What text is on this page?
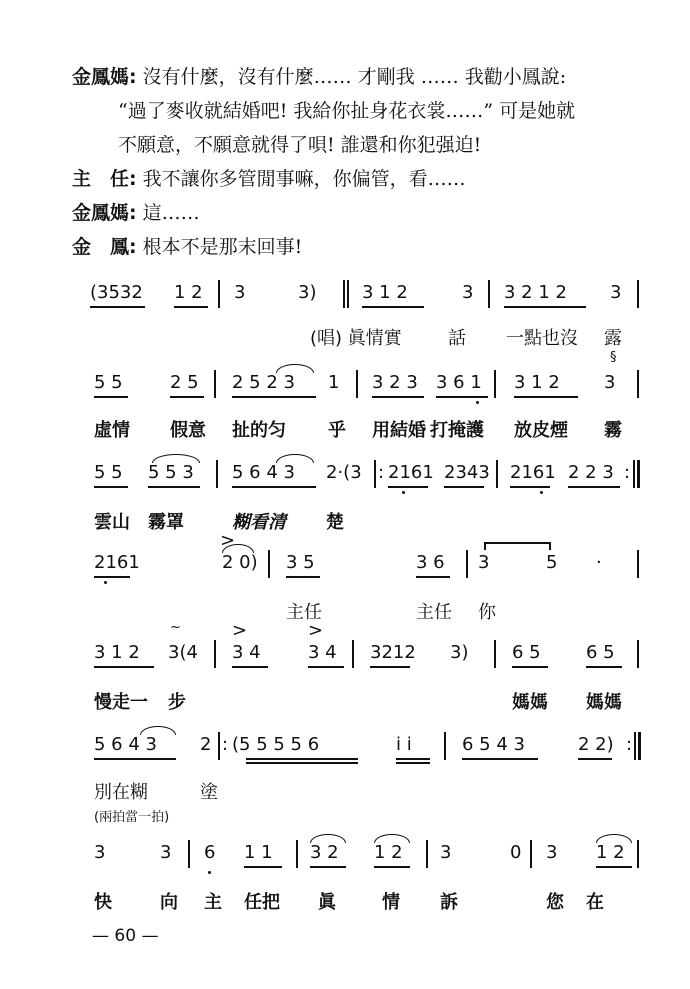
金鳳媽: 沒有什麼，沒有什麼…… 才剛我 …… 我勸小鳳說:
“過了麥收就結婚吧! 我給你扯身花衣裳……” 可是她就
不願意，不願意就得了唄! 誰還和你犯强迫!
主　任: 我不讓你多管閒事嘛，你偏管，看……
金鳳媽: 這……
金　鳳: 根本不是那末回事!
(3532 1 2 3	3)	3 1 2	3 3 2 1 2 3
(唱) 眞情實	話 一點也沒 露
5 5	2 5 2 5 2 3 1 3 2 3 3 6 1 3 1 2 3
§
虛情 假意 扯的匀 乎 用結婚 打掩護 放皮煙 霧
5 5 5 5 3 5 6 4 3 2·(3 : 2161 2343 2161 2 2 3 :
雲山 霧罩	糊看清 楚
2161
>
2 0) 3 5	3 6 3	5 ·
主任	主任 你
3 1 2
~
3(4
>
3 4
>
3 4 3212 3) 6 5	6 5
慢走一 步	媽媽 媽媽
5 6 4 3 2 : (5 5 5 5 6	i i	6 5 4 3	2 2) :
別在糊	塗
(兩拍當一拍)
3	3 6 1 1 3 2 1 2 3	0 3 1 2
快	向 主 任把 眞	情 訴	您 在
— 60 —
